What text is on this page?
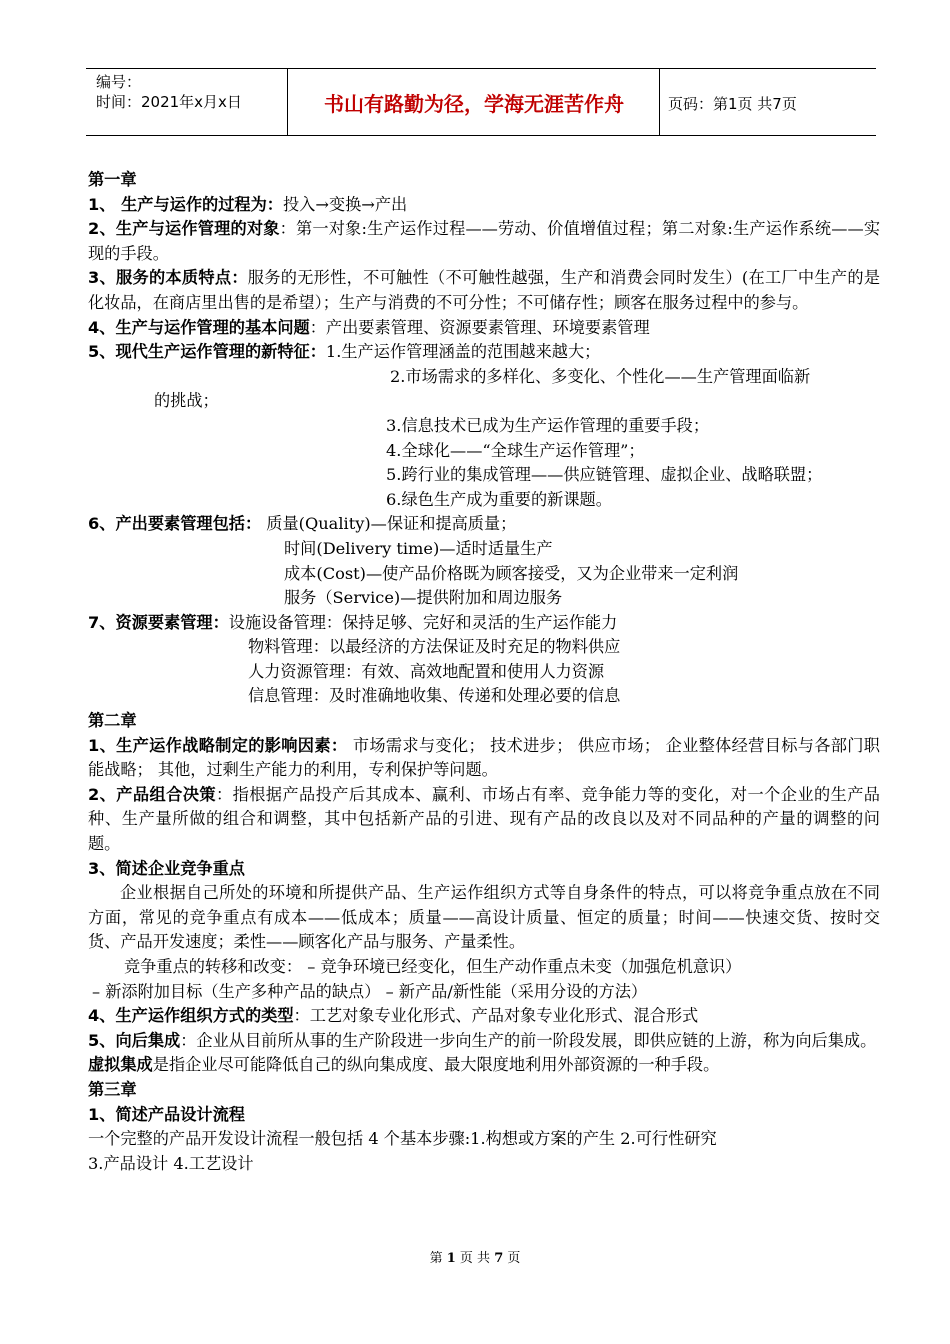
编号：
时间：2021年x月x日	书山有路勤为径，学海无涯苦作舟	页码：第1页 共7页

第一章

1、 生产与运作的过程为：投入→变换→产出

2、生产与运作管理的对象：第一对象:生产运作过程——劳动、价值增值过程；第二对象:生产运作系统——实现的手段。

3、服务的本质特点：服务的无形性，不可触性（不可触性越强，生产和消费会同时发生）(在工厂中生产的是化妆品，在商店里出售的是希望）；生产与消费的不可分性；不可储存性；顾客在服务过程中的参与。

4、生产与运作管理的基本问题：产出要素管理、资源要素管理、环境要素管理

5、现代生产运作管理的新特征：1.生产运作管理涵盖的范围越来越大；

2.市场需求的多样化、多变化、个性化——生产管理面临新

的挑战；

3.信息技术已成为生产运作管理的重要手段；

4.全球化——“全球生产运作管理”；

5.跨行业的集成管理——供应链管理、虚拟企业、战略联盟；

6.绿色生产成为重要的新课题。

6、产出要素管理包括： 质量(Quality)—保证和提高质量；

时间(Delivery time)—适时适量生产

成本(Cost)—使产品价格既为顾客接受，又为企业带来一定利润

服务（Service)—提供附加和周边服务

7、资源要素管理：设施设备管理：保持足够、完好和灵活的生产运作能力

物料管理：以最经济的方法保证及时充足的物料供应

人力资源管理：有效、高效地配置和使用人力资源

信息管理：及时准确地收集、传递和处理必要的信息

第二章

1、生产运作战略制定的影响因素： 市场需求与变化； 技术进步； 供应市场； 企业整体经营目标与各部门职能战略； 其他，过剩生产能力的利用，专利保护等问题。

2、产品组合决策：指根据产品投产后其成本、赢利、市场占有率、竞争能力等的变化，对一个企业的生产品种、生产量所做的组合和调整，其中包括新产品的引进、现有产品的改良以及对不同品种的产量的调整的问题。

3、简述企业竞争重点

企业根据自己所处的环境和所提供产品、生产运作组织方式等自身条件的特点，可以将竞争重点放在不同方面，常见的竞争重点有成本——低成本；质量——高设计质量、恒定的质量；时间——快速交货、按时交货、产品开发速度；柔性——顾客化产品与服务、产量柔性。

竞争重点的转移和改变： – 竞争环境已经变化，但生产动作重点未变（加强危机意识）

– 新添附加目标（生产多种产品的缺点） – 新产品/新性能（采用分设的方法）

4、生产运作组织方式的类型：工艺对象专业化形式、产品对象专业化形式、混合形式

5、向后集成：企业从目前所从事的生产阶段进一步向生产的前一阶段发展，即供应链的上游，称为向后集成。

虚拟集成是指企业尽可能降低自己的纵向集成度、最大限度地利用外部资源的一种手段。

第三章

1、简述产品设计流程

一个完整的产品开发设计流程一般包括 4 个基本步骤:1.构想或方案的产生 2.可行性研究

3.产品设计 4.工艺设计

第 1 页 共 7 页
